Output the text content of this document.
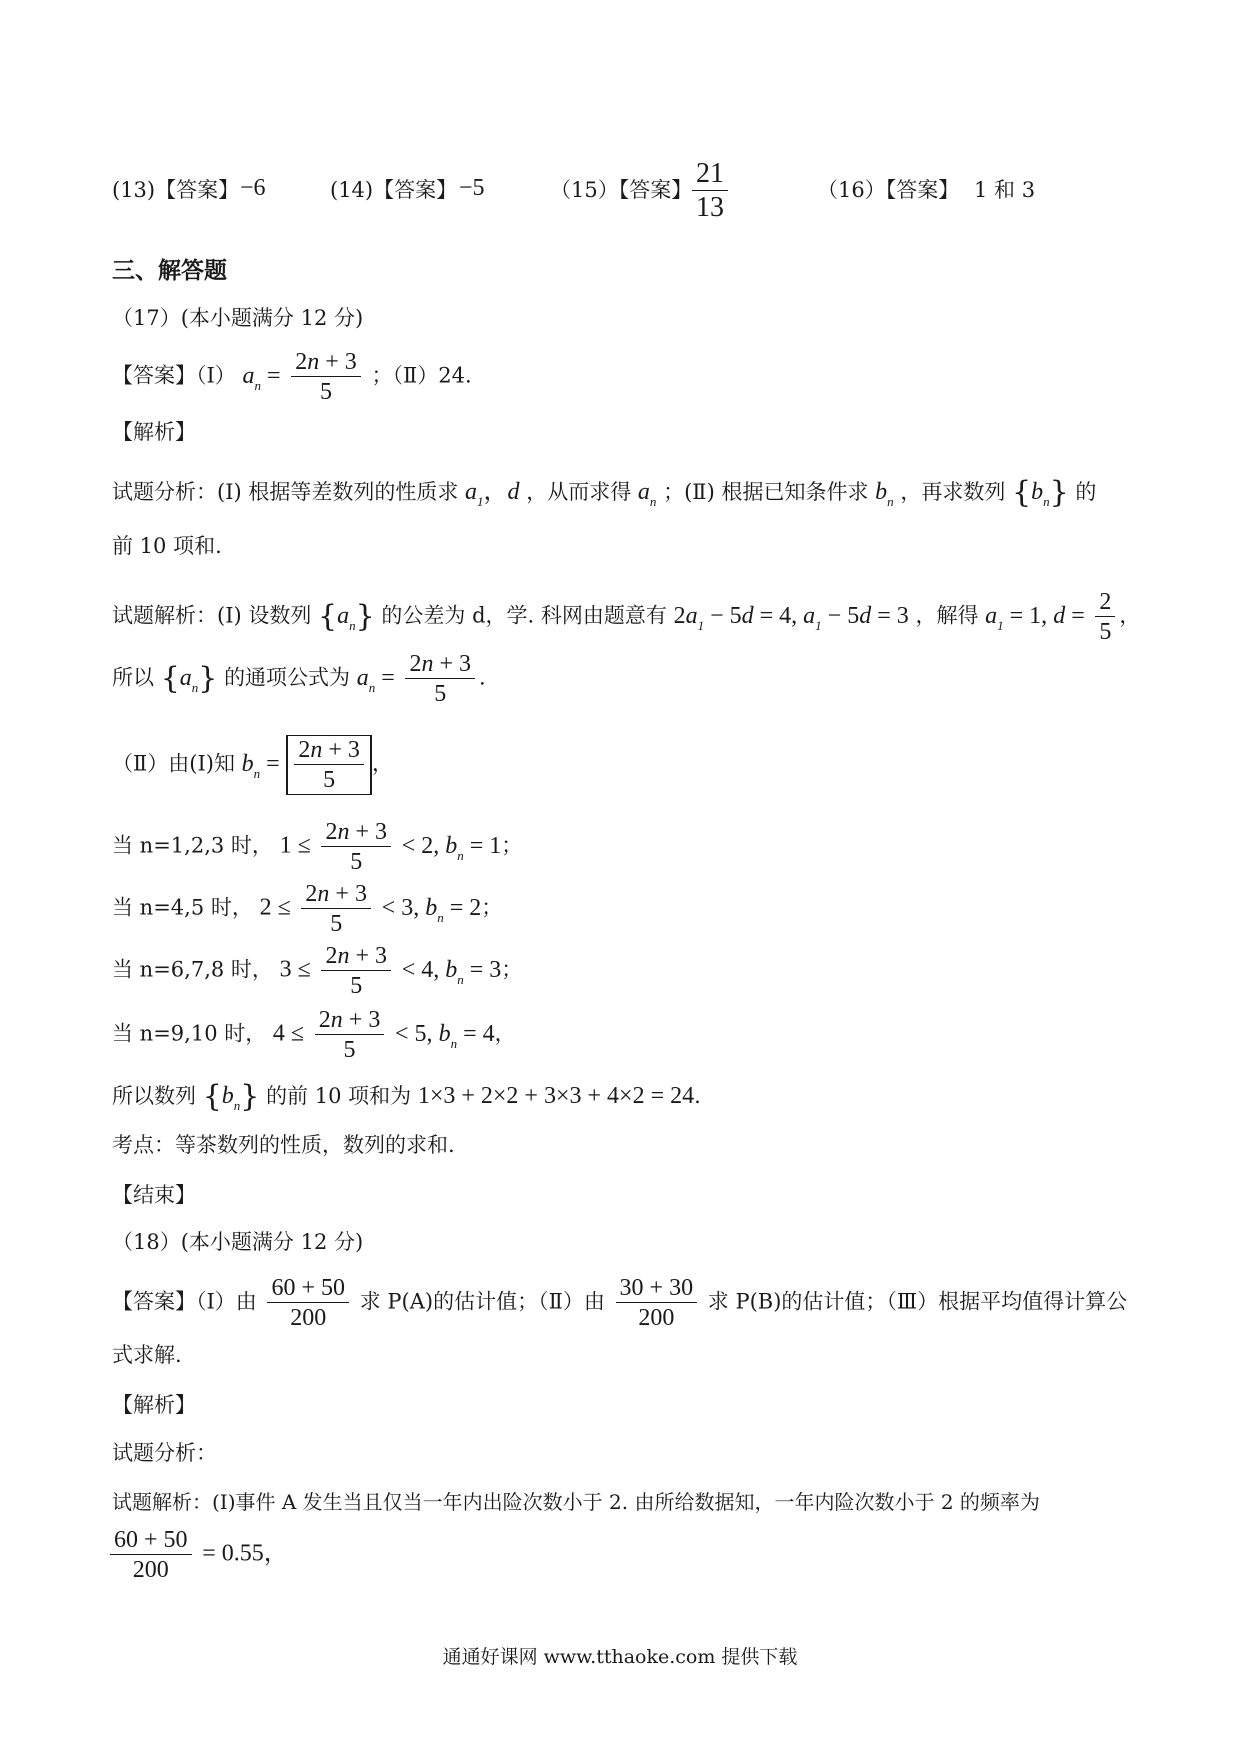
(13)【答案】 −6	(14)【答案】 −5	（15）【答案】 $\frac{21}{13}$	（16）【答案】 1 和 3
三、解答题
（17）(本小题满分 12 分)
【答案】（Ⅰ） $a_n = \frac{2n + 3}{5}$ ；（Ⅱ）24.
【解析】
试题分析：(Ⅰ) 根据等差数列的性质求 $a_1$，d ，从而求得 $a_n$ ；(Ⅱ) 根据已知条件求 $b_n$ ，再求数列 $\{b_n\}$ 的
前 10 项和.
试题解析：(Ⅰ) 设数列 $\{a_n\}$ 的公差为 d，学. 科网由题意有 $2a_1 - 5d = 4$, $a_1 - 5d = 3$ ，解得 $a_1 = 1$, $d = \frac{2}{5}$ ，
所以 $\{a_n\}$ 的通项公式为 $a_n = \frac{2n + 3}{5}$ .
（Ⅱ）由(Ⅰ)知 $b_n = \frac{2n + 3}{5}$ ，
当 n=1,2,3 时， $1 \le \frac{2n + 3}{5} < 2$, $b_n = 1$；
当 n=4,5 时， $2 \le \frac{2n + 3}{5} < 3$, $b_n = 2$；
当 n=6,7,8 时， $3 \le \frac{2n + 3}{5} < 4$, $b_n = 3$；
当 n=9,10 时， $4 \le \frac{2n + 3}{5} < 5$, $b_n = 4$，
所以数列 $\{b_n\}$ 的前 10 项和为 1×3 + 2×2 + 3×3 + 4×2 = 24.
考点：等茶数列的性质，数列的求和.
【结束】
（18）(本小题满分 12 分)
【答案】（Ⅰ）由 $\frac{60 + 50}{200}$ 求 P(A)的估计值；（Ⅱ）由 $\frac{30 + 30}{200}$ 求 P(B)的估计值；（Ⅲ）根据平均值得计算公
式求解.
【解析】
试题分析：
试题解析：(Ⅰ)事件 A 发生当且仅当一年内出险次数小于 2. 由所给数据知，一年内险次数小于 2 的频率为
$\frac{60 + 50}{200} = 0.55$，
通通好课网 www.tthaoke.com 提供下载
